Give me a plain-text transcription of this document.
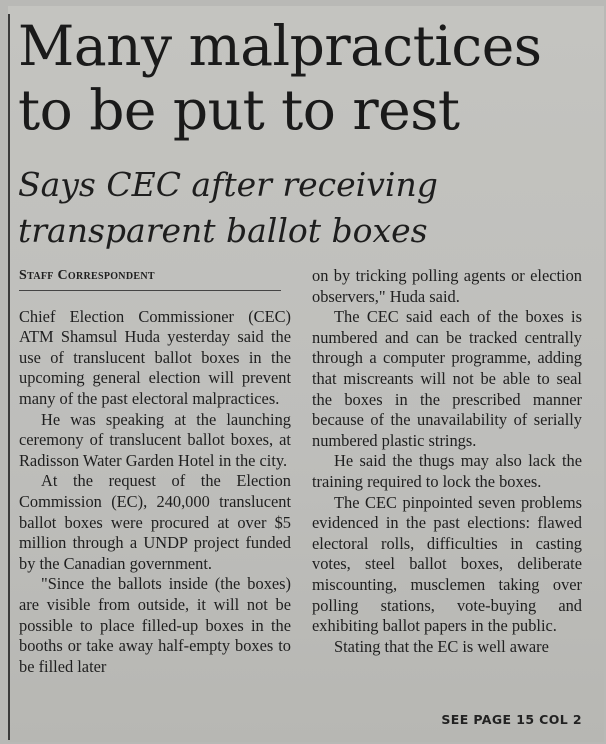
Many malpractices
to be put to rest
Says CEC after receiving
transparent ballot boxes
Staff Correspondent

Chief Election Commissioner (CEC) ATM Shamsul Huda yesterday said the use of translucent ballot boxes in the upcoming general election will prevent many of the past electoral malpractices.

He was speaking at the launching ceremony of translucent ballot boxes, at Radisson Water Garden Hotel in the city.

At the request of the Election Commission (EC), 240,000 translucent ballot boxes were procured at over $5 million through a UNDP project funded by the Canadian government.

"Since the ballots inside (the boxes) are visible from outside, it will not be possible to place filled-up boxes in the booths or take away half-empty boxes to be filled later

on by tricking polling agents or election observers," Huda said.

The CEC said each of the boxes is numbered and can be tracked centrally through a computer programme, adding that miscreants will not be able to seal the boxes in the prescribed manner because of the unavailability of serially numbered plastic strings.

He said the thugs may also lack the training required to lock the boxes.

The CEC pinpointed seven problems evidenced in the past elections: flawed electoral rolls, difficulties in casting votes, steel ballot boxes, deliberate miscounting, musclemen taking over polling stations, vote-buying and exhibiting ballot papers in the public.

Stating that the EC is well aware

SEE PAGE 15 COL 2
